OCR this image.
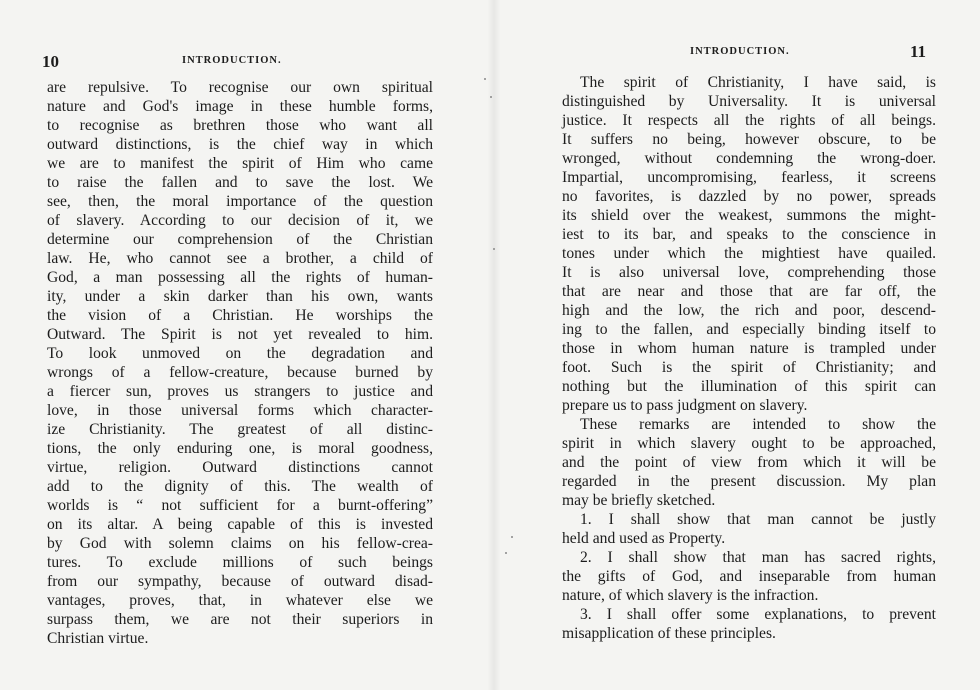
10	INTRODUCTION.
are repulsive. To recognise our own spiritual
nature and God's image in these humble forms,
to recognise as brethren those who want all
outward distinctions, is the chief way in which
we are to manifest the spirit of Him who came
to raise the fallen and to save the lost. We
see, then, the moral importance of the question
of slavery. According to our decision of it, we
determine our comprehension of the Christian
law. He, who cannot see a brother, a child of
God, a man possessing all the rights of human-
ity, under a skin darker than his own, wants
the vision of a Christian. He worships the
Outward. The Spirit is not yet revealed to him.
To look unmoved on the degradation and
wrongs of a fellow-creature, because burned by
a fiercer sun, proves us strangers to justice and
love, in those universal forms which character-
ize Christianity. The greatest of all distinc-
tions, the only enduring one, is moral goodness,
virtue, religion. Outward distinctions cannot
add to the dignity of this. The wealth of
worlds is “ not sufficient for a burnt-offering”
on its altar. A being capable of this is invested
by God with solemn claims on his fellow-crea-
tures. To exclude millions of such beings
from our sympathy, because of outward disad-
vantages, proves, that, in whatever else we
surpass them, we are not their superiors in
Christian virtue.
INTRODUCTION.	11
The spirit of Christianity, I have said, is
distinguished by Universality. It is universal
justice. It respects all the rights of all beings.
It suffers no being, however obscure, to be
wronged, without condemning the wrong-doer.
Impartial, uncompromising, fearless, it screens
no favorites, is dazzled by no power, spreads
its shield over the weakest, summons the might-
iest to its bar, and speaks to the conscience in
tones under which the mightiest have quailed.
It is also universal love, comprehending those
that are near and those that are far off, the
high and the low, the rich and poor, descend-
ing to the fallen, and especially binding itself to
those in whom human nature is trampled under
foot. Such is the spirit of Christianity; and
nothing but the illumination of this spirit can
prepare us to pass judgment on slavery.
These remarks are intended to show the
spirit in which slavery ought to be approached,
and the point of view from which it will be
regarded in the present discussion. My plan
may be briefly sketched.
1. I shall show that man cannot be justly
held and used as Property.
2. I shall show that man has sacred rights,
the gifts of God, and inseparable from human
nature, of which slavery is the infraction.
3. I shall offer some explanations, to prevent
misapplication of these principles.
